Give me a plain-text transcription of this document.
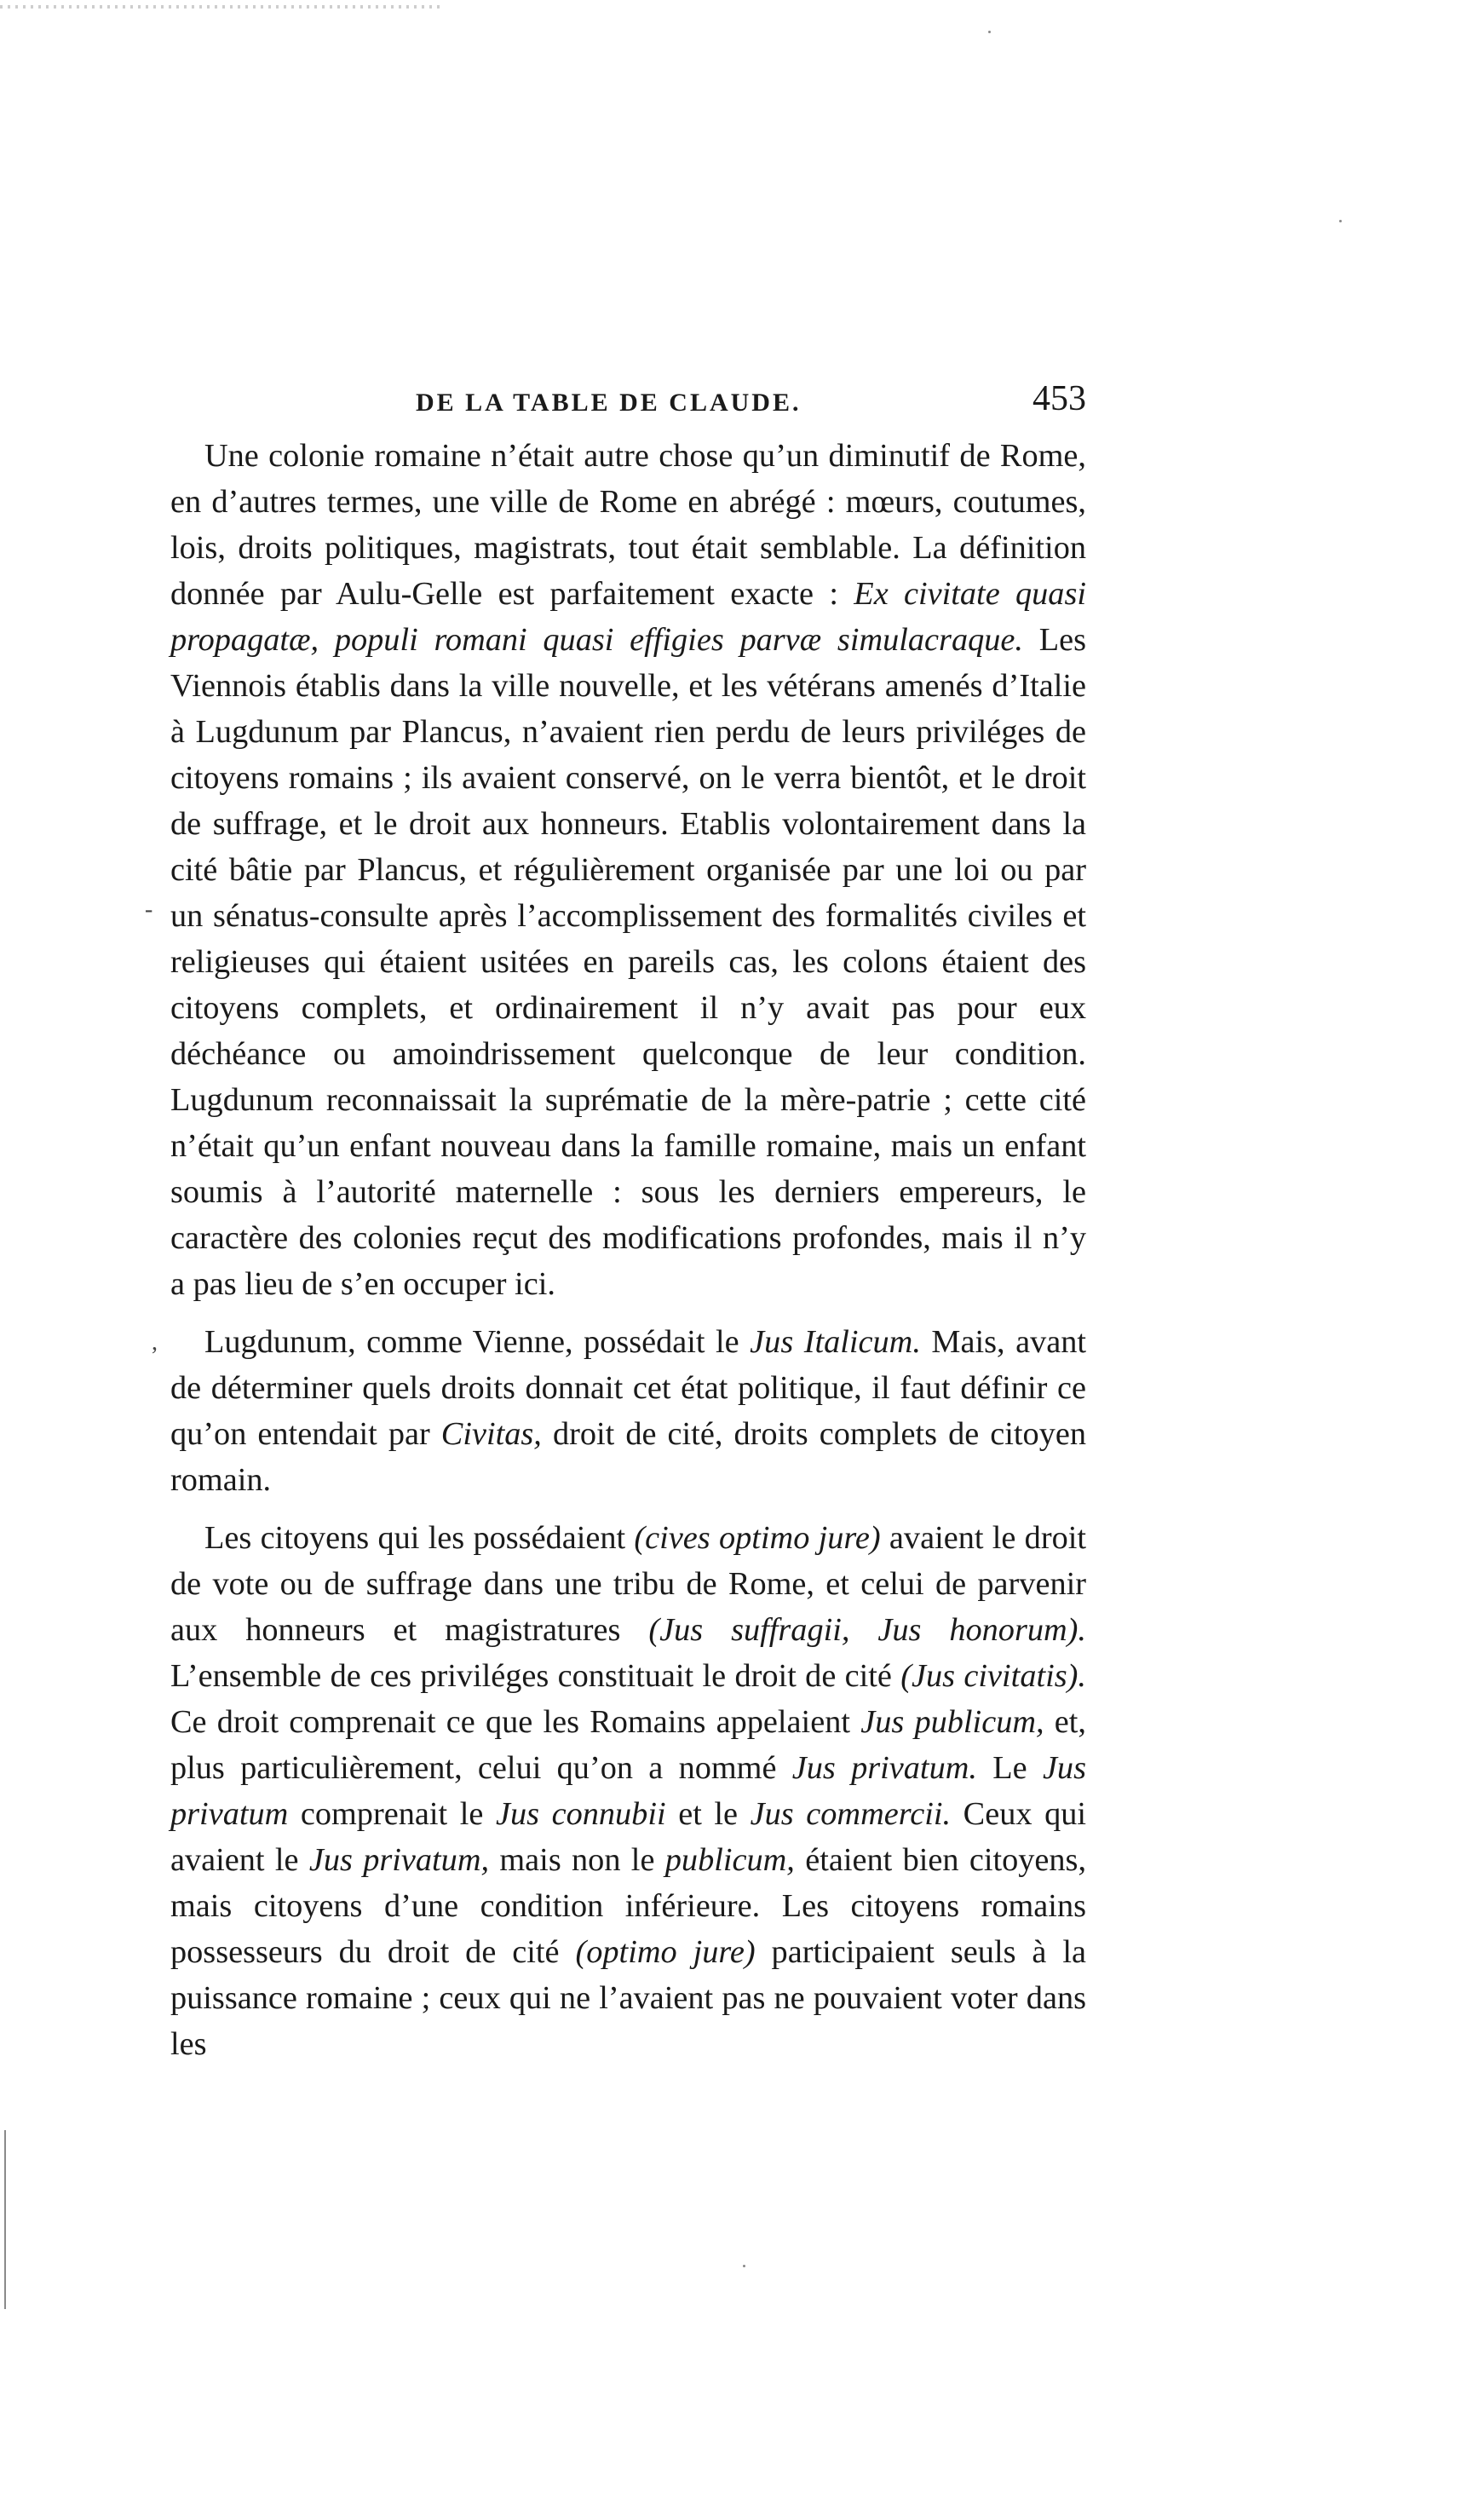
DE LA TABLE DE CLAUDE.	453

Une colonie romaine n’était autre chose qu’un diminutif de Rome, en d’autres termes, une ville de Rome en abrégé : mœurs, coutumes, lois, droits politiques, magistrats, tout était semblable. La définition donnée par Aulu-Gelle est parfaitement exacte : Ex civitate quasi propagatæ, populi romani quasi effigies parvæ simulacraque. Les Viennois établis dans la ville nouvelle, et les vétérans amenés d’Italie à Lugdunum par Plancus, n’avaient rien perdu de leurs priviléges de citoyens romains ; ils avaient conservé, on le verra bientôt, et le droit de suffrage, et le droit aux honneurs. Etablis volontairement dans la cité bâtie par Plancus, et régulièrement organisée par une loi ou par un sénatus-consulte après l’accomplissement des formalités civiles et religieuses qui étaient usitées en pareils cas, les colons étaient des citoyens complets, et ordinairement il n’y avait pas pour eux déchéance ou amoindrissement quelconque de leur condition. Lugdunum reconnaissait la suprématie de la mère-patrie ; cette cité n’était qu’un enfant nouveau dans la famille romaine, mais un enfant soumis à l’autorité maternelle : sous les derniers empereurs, le caractère des colonies reçut des modifications profondes, mais il n’y a pas lieu de s’en occuper ici.

Lugdunum, comme Vienne, possédait le Jus Italicum. Mais, avant de déterminer quels droits donnait cet état politique, il faut définir ce qu’on entendait par Civitas, droit de cité, droits complets de citoyen romain.

Les citoyens qui les possédaient (cives optimo jure) avaient le droit de vote ou de suffrage dans une tribu de Rome, et celui de parvenir aux honneurs et magistratures (Jus suffragii, Jus honorum). L’ensemble de ces priviléges constituait le droit de cité (Jus civitatis). Ce droit comprenait ce que les Romains appelaient Jus publicum, et, plus particulièrement, celui qu’on a nommé Jus privatum. Le Jus privatum comprenait le Jus connubii et le Jus commercii. Ceux qui avaient le Jus privatum, mais non le publicum, étaient bien citoyens, mais citoyens d’une condition inférieure. Les citoyens romains possesseurs du droit de cité (optimo jure) participaient seuls à la puissance romaine ; ceux qui ne l’avaient pas ne pouvaient voter dans les

-
,
